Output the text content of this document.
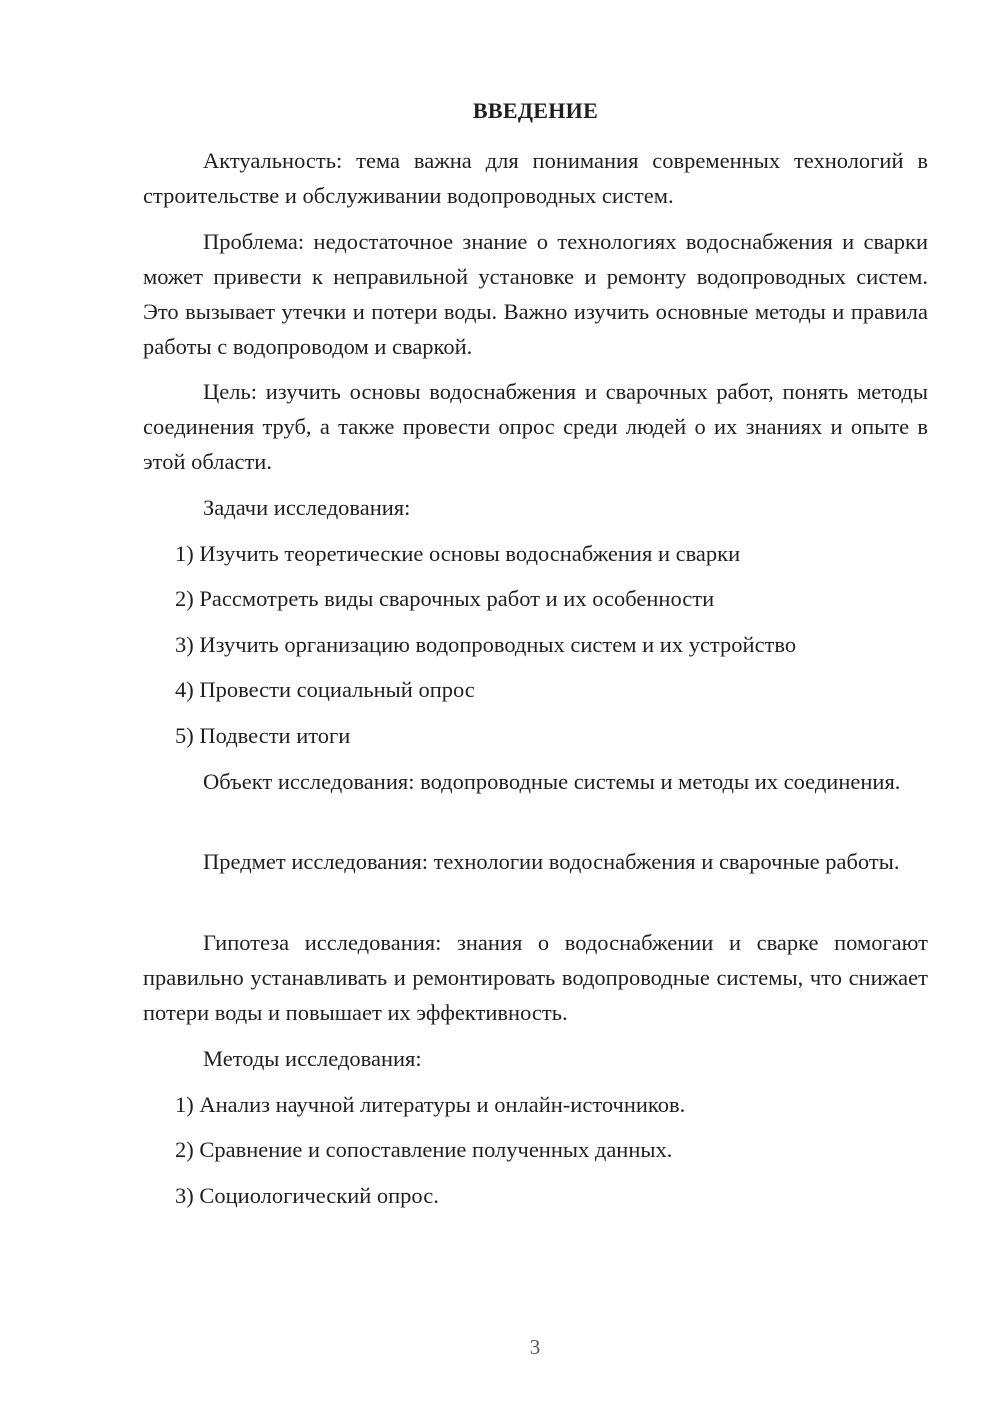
ВВЕДЕНИЕ

Актуальность: тема важна для понимания современных технологий в строительстве и обслуживании водопроводных систем.

Проблема: недостаточное знание о технологиях водоснабжения и сварки может привести к неправильной установке и ремонту водопроводных систем. Это вызывает утечки и потери воды. Важно изучить основные методы и правила работы с водопроводом и сваркой.

Цель: изучить основы водоснабжения и сварочных работ, понять методы соединения труб, а также провести опрос среди людей о их знаниях и опыте в этой области.

Задачи исследования:

1) Изучить теоретические основы водоснабжения и сварки

2) Рассмотреть виды сварочных работ и их особенности

3) Изучить организацию водопроводных систем и их устройство

4) Провести социальный опрос

5) Подвести итоги

Объект исследования: водопроводные системы и методы их соединения.

Предмет исследования: технологии водоснабжения и сварочные работы.

Гипотеза исследования: знания о водоснабжении и сварке помогают правильно устанавливать и ремонтировать водопроводные системы, что снижает потери воды и повышает их эффективность.

Методы исследования:

1) Анализ научной литературы и онлайн-источников.

2) Сравнение и сопоставление полученных данных.

3) Социологический опрос.

3
